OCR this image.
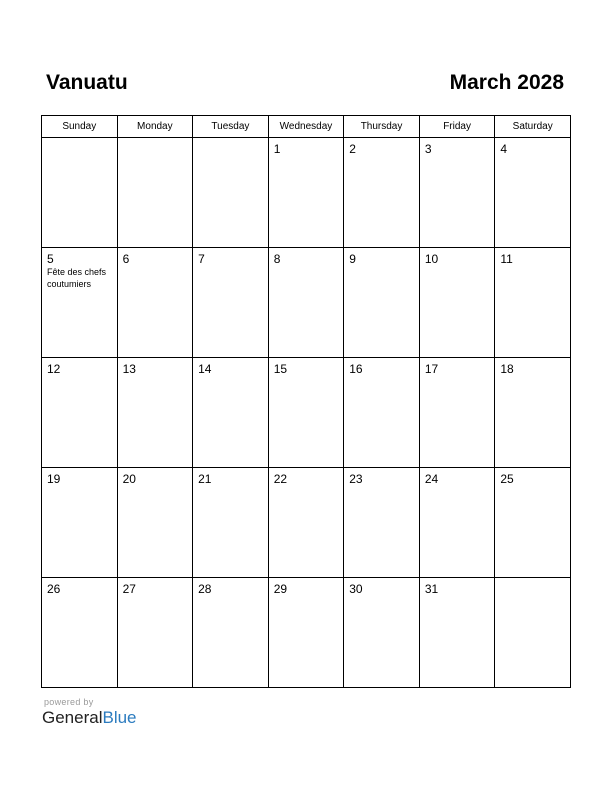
Vanuatu	March 2028
Sunday	Monday	Tuesday	Wednesday	Thursday	Friday	Saturday

			1	2	3	4

5
Fête des chefs coutumiers	6	7	8	9	10	11

12	13	14	15	16	17	18

19	20	21	22	23	24	25

26	27	28	29	30	31	

powered by
GeneralBlue
